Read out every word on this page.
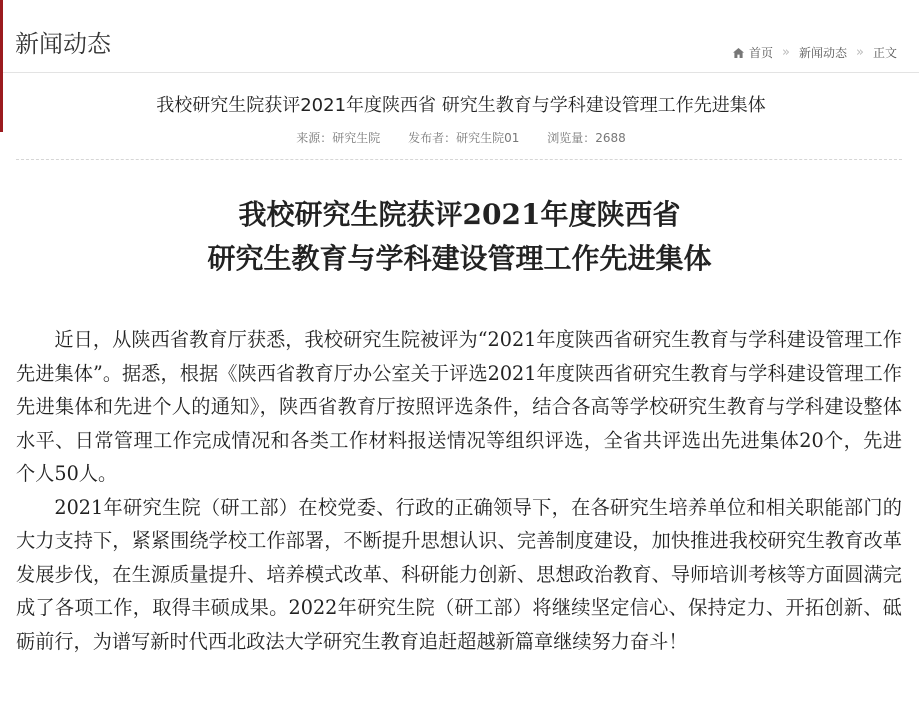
新闻动态	首页 » 新闻动态 » 正文
我校研究生院获评2021年度陕西省 研究生教育与学科建设管理工作先进集体
来源：研究生院 发布者：研究生院01 浏览量：2688
我校研究生院获评2021年度陕西省
研究生教育与学科建设管理工作先进集体

近日，从陕西省教育厅获悉，我校研究生院被评为“2021年度陕西省研究生教育与学科建设管理工作先进集体”。据悉，根据《陕西省教育厅办公室关于评选2021年度陕西省研究生教育与学科建设管理工作先进集体和先进个人的通知》，陕西省教育厅按照评选条件，结合各高等学校研究生教育与学科建设整体水平、日常管理工作完成情况和各类工作材料报送情况等组织评选，全省共评选出先进集体20个，先进个人50人。

2021年研究生院（研工部）在校党委、行政的正确领导下，在各研究生培养单位和相关职能部门的大力支持下，紧紧围绕学校工作部署，不断提升思想认识、完善制度建设，加快推进我校研究生教育改革发展步伐，在生源质量提升、培养模式改革、科研能力创新、思想政治教育、导师培训考核等方面圆满完成了各项工作，取得丰硕成果。2022年研究生院（研工部）将继续坚定信心、保持定力、开拓创新、砥砺前行，为谱写新时代西北政法大学研究生教育追赶超越新篇章继续努力奋斗！
